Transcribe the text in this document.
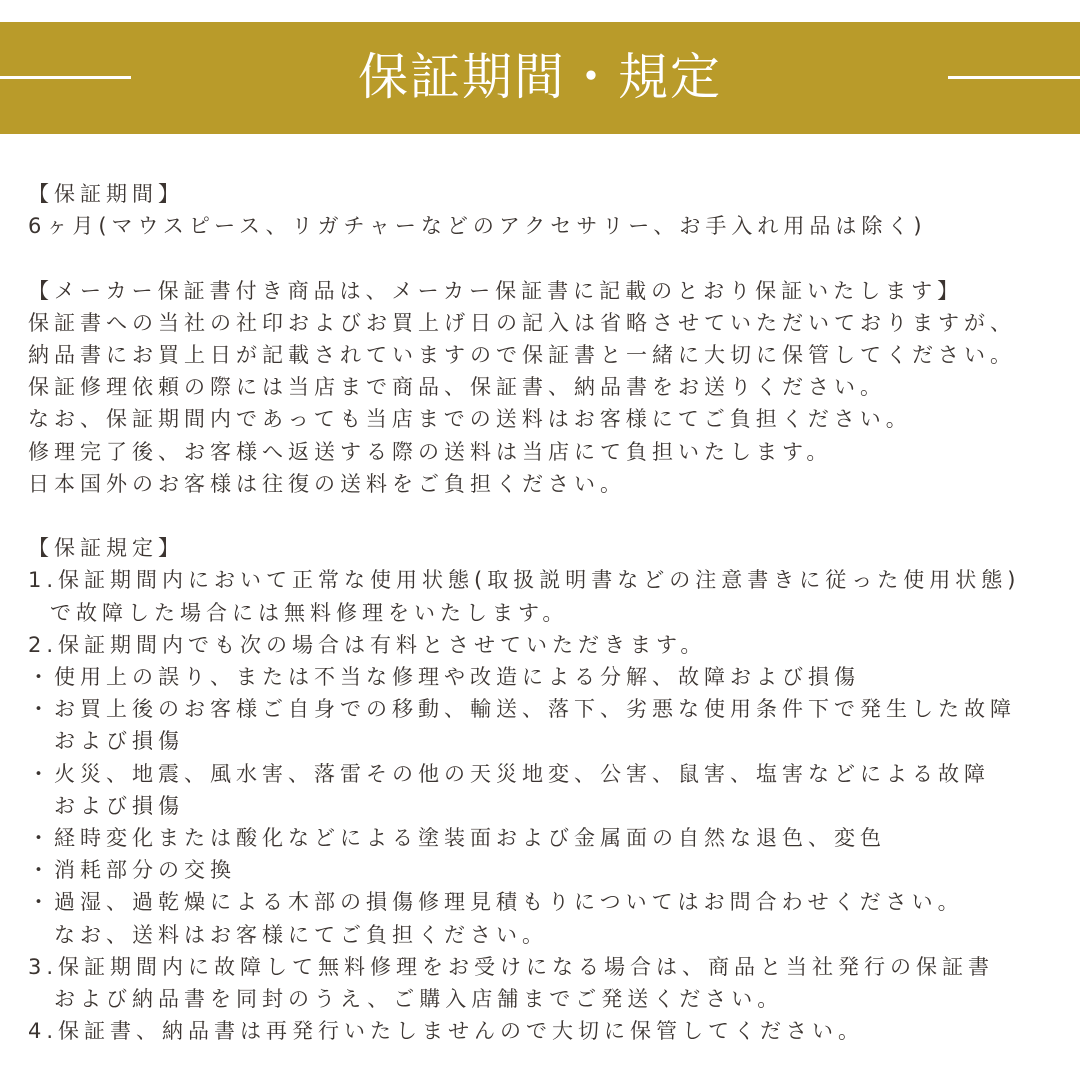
保証期間・規定
【保証期間】
6ヶ月(マウスピース、リガチャーなどのアクセサリー、お手入れ用品は除く)
【メーカー保証書付き商品は、メーカー保証書に記載のとおり保証いたします】
保証書への当社の社印およびお買上げ日の記入は省略させていただいておりますが、
納品書にお買上日が記載されていますので保証書と一緒に大切に保管してください。
保証修理依頼の際には当店まで商品、保証書、納品書をお送りください。
なお、保証期間内であっても当店までの送料はお客様にてご負担ください。
修理完了後、お客様へ返送する際の送料は当店にて負担いたします。
日本国外のお客様は往復の送料をご負担ください。
【保証規定】
1.保証期間内において正常な使用状態(取扱説明書などの注意書きに従った使用状態)
で故障した場合には無料修理をいたします。
2.保証期間内でも次の場合は有料とさせていただきます。
・使用上の誤り、または不当な修理や改造による分解、故障および損傷
・お買上後のお客様ご自身での移動、輸送、落下、劣悪な使用条件下で発生した故障
および損傷
・火災、地震、風水害、落雷その他の天災地変、公害、鼠害、塩害などによる故障
および損傷
・経時変化または酸化などによる塗装面および金属面の自然な退色、変色
・消耗部分の交換
・過湿、過乾燥による木部の損傷修理見積もりについてはお問合わせください。
なお、送料はお客様にてご負担ください。
3.保証期間内に故障して無料修理をお受けになる場合は、商品と当社発行の保証書
および納品書を同封のうえ、ご購入店舗までご発送ください。
4.保証書、納品書は再発行いたしませんので大切に保管してください。
